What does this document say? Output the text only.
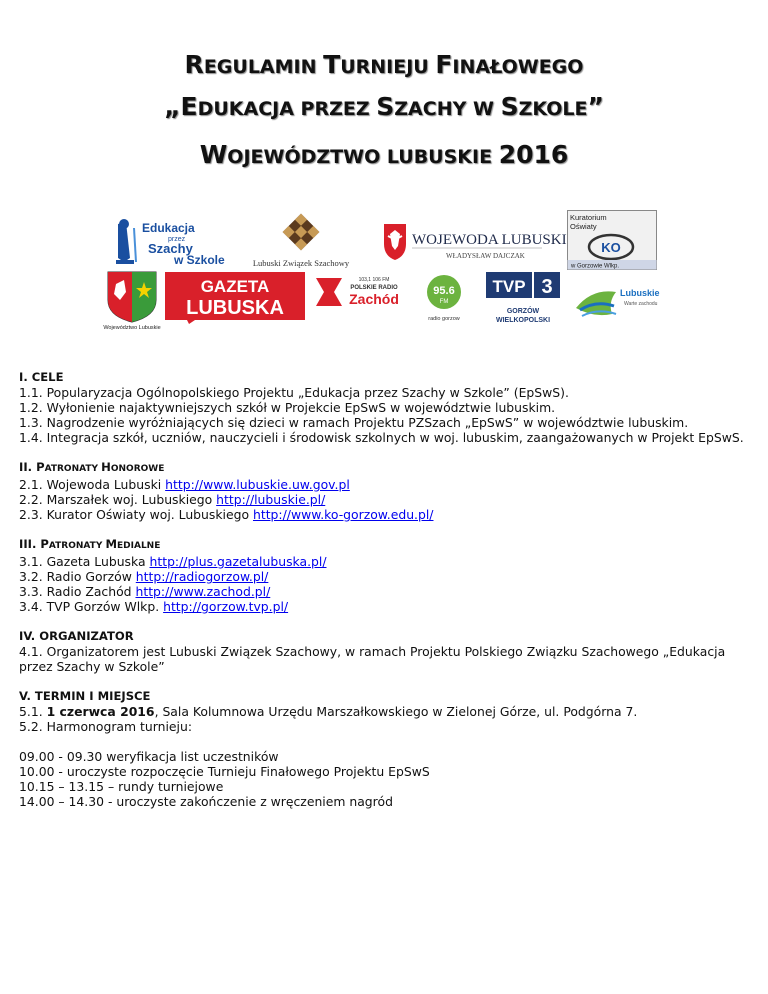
REGULAMIN TURNIEJU FINAŁOWEGO
„EDUKACJA PRZEZ SZACHY W SZKOLE”
WOJEWÓDZTWO LUBUSKIE 2016
Edukacja
przez
Szachy
w Szkole	Lubuski Związek Szachowy
WOJEWODA LUBUSKI
WŁADYSŁAW DAJCZAK
Kuratorium
Oświaty
KO
w Gorzowie Wlkp.
Województwo Lubuskie
GAZETA
LUBUSKA
103,1 106 FM
POLSKIE RADIO
Zachód	95.6
FM
radio gorzow
TVP 3
GORZÓW
WIELKOPOLSKI
Lubuskie
Warte zachodu

I. CELE

1.1. Popularyzacja Ogólnopolskiego Projektu „Edukacja przez Szachy w Szkole” (EpSwS).

1.2. Wyłonienie najaktywniejszych szkół w Projekcie EpSwS w województwie lubuskim.

1.3. Nagrodzenie wyróżniających się dzieci w ramach Projektu PZSzach „EpSwS” w województwie lubuskim.

1.4. Integracja szkół, uczniów, nauczycieli i środowisk szkolnych w woj. lubuskim, zaangażowanych w Projekt EpSwS.

II. PATRONATY HONOROWE

2.1. Wojewoda Lubuski http://www.lubuskie.uw.gov.pl

2.2. Marszałek woj. Lubuskiego http://lubuskie.pl/

2.3. Kurator Oświaty woj. Lubuskiego http://www.ko-gorzow.edu.pl/

III. PATRONATY MEDIALNE

3.1. Gazeta Lubuska http://plus.gazetalubuska.pl/

3.2. Radio Gorzów http://radiogorzow.pl/

3.3. Radio Zachód http://www.zachod.pl/

3.4. TVP Gorzów Wlkp. http://gorzow.tvp.pl/

IV. ORGANIZATOR

4.1. Organizatorem jest Lubuski Związek Szachowy, w ramach Projektu Polskiego Związku Szachowego „Edukacja przez Szachy w Szkole”

V. TERMIN I MIEJSCE

5.1. 1 czerwca 2016, Sala Kolumnowa Urzędu Marszałkowskiego w Zielonej Górze, ul. Podgórna 7.

5.2. Harmonogram turnieju:

09.00 - 09.30 weryfikacja list uczestników

10.00 - uroczyste rozpoczęcie Turnieju Finałowego Projektu EpSwS

10.15 – 13.15 – rundy turniejowe

14.00 – 14.30 - uroczyste zakończenie z wręczeniem nagród
